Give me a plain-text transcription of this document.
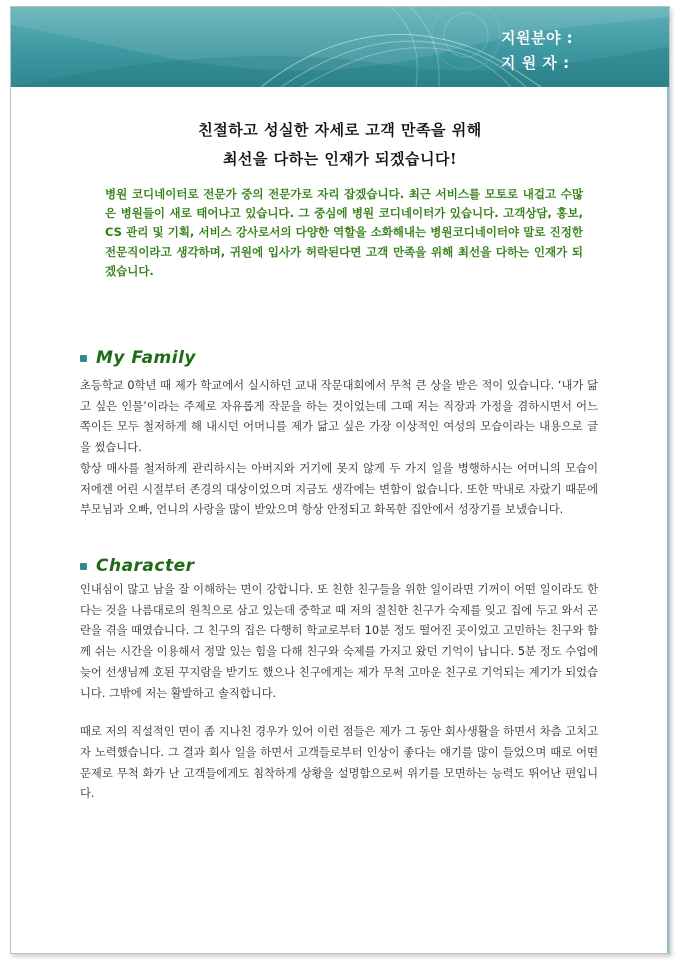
지원분야 :
지 원 자 :
친절하고 성실한 자세로 고객 만족을 위해
최선을 다하는 인재가 되겠습니다!
병원 코디네이터로 전문가 중의 전문가로 자리 잡겠습니다. 최근 서비스를 모토로 내걸고 수많은 병원들이 새로 태어나고 있습니다. 그 중심에 병원 코디네이터가 있습니다. 고객상담, 홍보, CS 관리 및 기획, 서비스 강사로서의 다양한 역할을 소화해내는 병원코디네이터야 말로 진정한 전문직이라고 생각하며, 귀원에 입사가 허락된다면 고객 만족을 위해 최선을 다하는 인재가 되겠습니다.
My Family

초등학교 0학년 때 제가 학교에서 실시하던 교내 작문대회에서 무척 큰 상을 받은 적이 있습니다. ‘내가 닮고 싶은 인물’이라는 주제로 자유롭게 작문을 하는 것이었는데 그때 저는 직장과 가정을 겸하시면서 어느 쪽이든 모두 철저하게 해 내시던 어머니를 제가 닮고 싶은 가장 이상적인 여성의 모습이라는 내용으로 글을 썼습니다.

항상 매사를 철저하게 관리하시는 아버지와 거기에 못지 않게 두 가지 일을 병행하시는 어머니의 모습이 저에겐 어린 시절부터 존경의 대상이었으며 지금도 생각에는 변함이 없습니다. 또한 막내로 자랐기 때문에 부모님과 오빠, 언니의 사랑을 많이 받았으며 항상 안정되고 화목한 집안에서 성장기를 보냈습니다.

Character

인내심이 많고 남을 잘 이해하는 면이 강합니다. 또 친한 친구들을 위한 일이라면 기꺼이 어떤 일이라도 한다는 것을 나름대로의 원칙으로 삼고 있는데 중학교 때 저의 절친한 친구가 숙제를 잊고 집에 두고 와서 곤란을 겪을 때였습니다. 그 친구의 집은 다행히 학교로부터 10분 정도 떨어진 곳이었고 고민하는 친구와 함께 쉬는 시간을 이용해서 정말 있는 힘을 다해 친구와 숙제를 가지고 왔던 기억이 납니다. 5분 정도 수업에 늦어 선생님께 호된 꾸지람을 받기도 했으나 친구에게는 제가 무척 고마운 친구로 기억되는 계기가 되었습니다. 그밖에 저는 활발하고 솔직합니다.

때로 저의 직설적인 면이 좀 지나친 경우가 있어 이런 점들은 제가 그 동안 회사생활을 하면서 차츰 고치고자 노력했습니다. 그 결과 회사 일을 하면서 고객들로부터 인상이 좋다는 얘기를 많이 들었으며 때로 어떤 문제로 무척 화가 난 고객들에게도 침착하게 상황을 설명함으로써 위기를 모면하는 능력도 뛰어난 편입니다.
